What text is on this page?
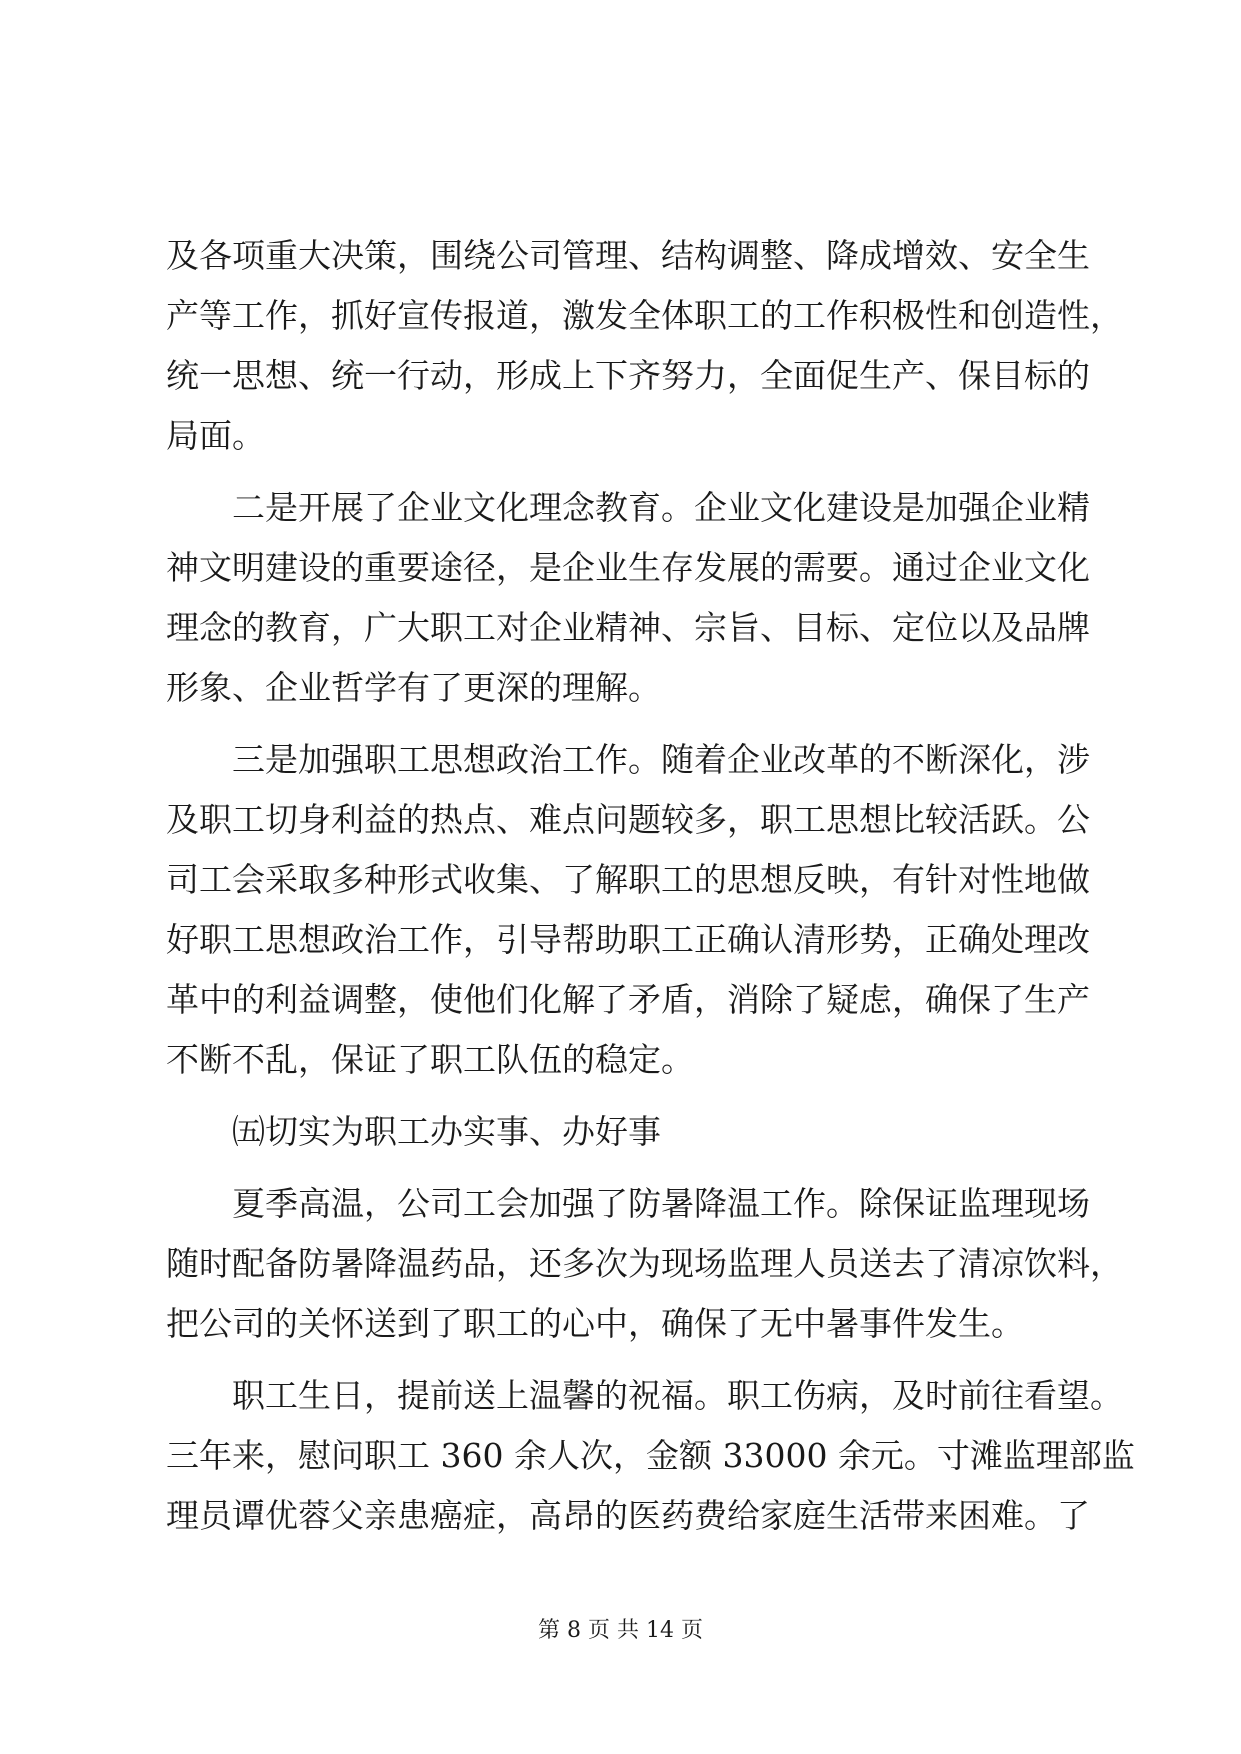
及各项重大决策，围绕公司管理、结构调整、降成增效、安全生
产等工作，抓好宣传报道，激发全体职工的工作积极性和创造性，
统一思想、统一行动，形成上下齐努力，全面促生产、保目标的
局面。
二是开展了企业文化理念教育。企业文化建设是加强企业精
神文明建设的重要途径，是企业生存发展的需要。通过企业文化
理念的教育，广大职工对企业精神、宗旨、目标、定位以及品牌
形象、企业哲学有了更深的理解。
三是加强职工思想政治工作。随着企业改革的不断深化，涉
及职工切身利益的热点、难点问题较多，职工思想比较活跃。公
司工会采取多种形式收集、了解职工的思想反映，有针对性地做
好职工思想政治工作，引导帮助职工正确认清形势，正确处理改
革中的利益调整，使他们化解了矛盾，消除了疑虑，确保了生产
不断不乱，保证了职工队伍的稳定。
㈤切实为职工办实事、办好事
夏季高温，公司工会加强了防暑降温工作。除保证监理现场
随时配备防暑降温药品，还多次为现场监理人员送去了清凉饮料，
把公司的关怀送到了职工的心中，确保了无中暑事件发生。
职工生日，提前送上温馨的祝福。职工伤病，及时前往看望。
三年来，慰问职工 360 余人次，金额 33000 余元。寸滩监理部监
理员谭优蓉父亲患癌症，高昂的医药费给家庭生活带来困难。了
第 8 页 共 14 页
